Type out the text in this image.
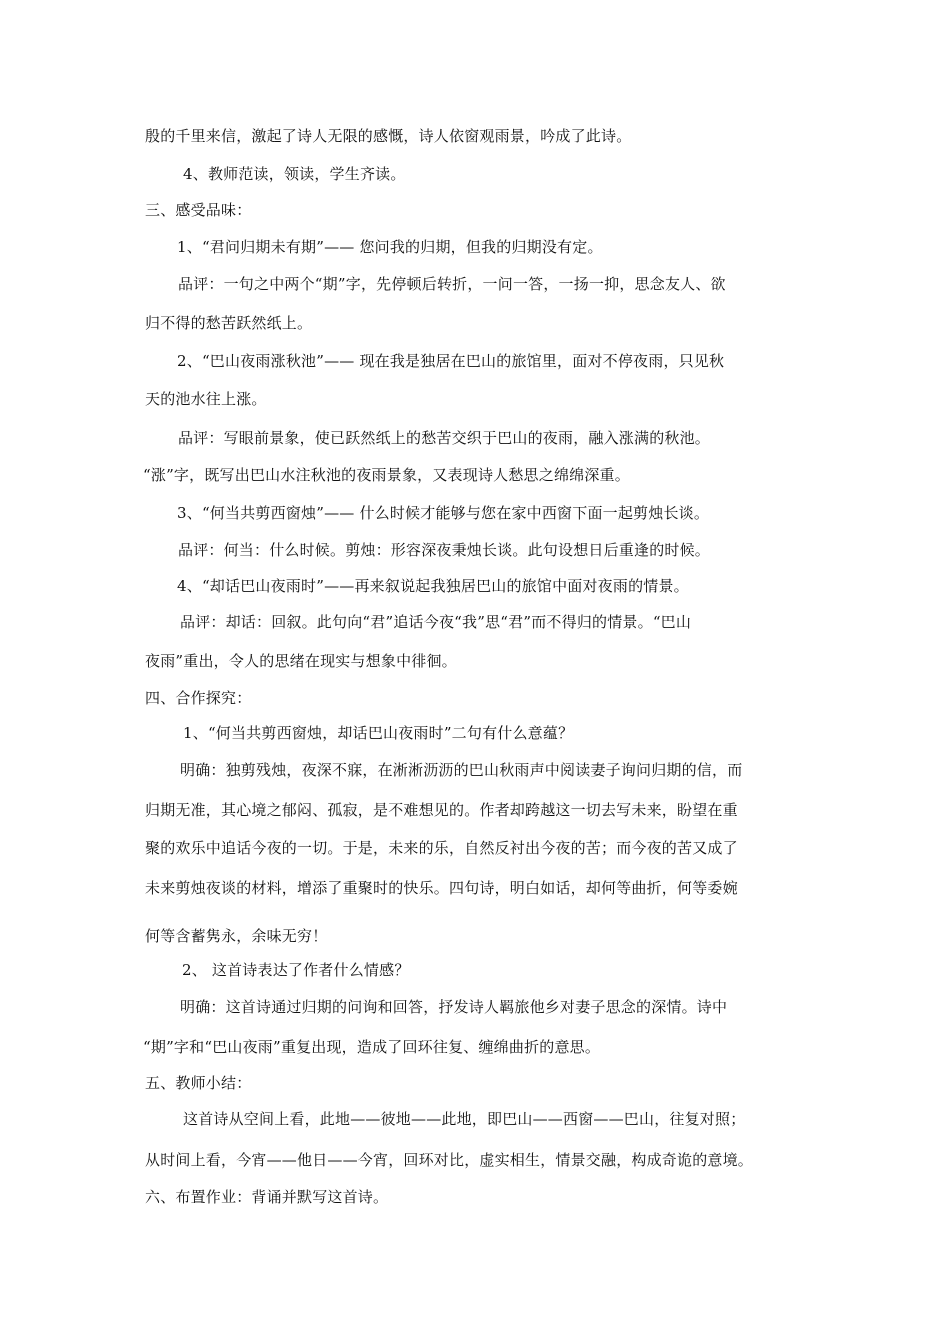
殷的千里来信，激起了诗人无限的感慨，诗人依窗观雨景，吟成了此诗。
4、教师范读，领读，学生齐读。
三、感受品味：
1、“君问归期未有期”—— 您问我的归期，但我的归期没有定。
品评：一句之中两个“期”字，先停顿后转折，一问一答，一扬一抑，思念友人、欲
归不得的愁苦跃然纸上。
2、“巴山夜雨涨秋池”—— 现在我是独居在巴山的旅馆里，面对不停夜雨，只见秋
天的池水往上涨。
品评：写眼前景象，使已跃然纸上的愁苦交织于巴山的夜雨，融入涨满的秋池。
“涨”字，既写出巴山水注秋池的夜雨景象，又表现诗人愁思之绵绵深重。
3、“何当共剪西窗烛”—— 什么时候才能够与您在家中西窗下面一起剪烛长谈。
品评：何当：什么时候。剪烛：形容深夜秉烛长谈。此句设想日后重逢的时候。
4、“却话巴山夜雨时”——再来叙说起我独居巴山的旅馆中面对夜雨的情景。
品评：却话：回叙。此句向“君”追话今夜“我”思“君”而不得归的情景。“巴山
夜雨”重出，令人的思绪在现实与想象中徘徊。
四、合作探究：
1、“何当共剪西窗烛，却话巴山夜雨时”二句有什么意蕴？
明确：独剪残烛，夜深不寐，在淅淅沥沥的巴山秋雨声中阅读妻子询问归期的信，而
归期无准，其心境之郁闷、孤寂，是不难想见的。作者却跨越这一切去写未来，盼望在重
聚的欢乐中追话今夜的一切。于是，未来的乐，自然反衬出今夜的苦；而今夜的苦又成了
未来剪烛夜谈的材料，增添了重聚时的快乐。四句诗，明白如话，却何等曲折，何等委婉
何等含蓄隽永，余味无穷！
2、 这首诗表达了作者什么情感？
明确：这首诗通过归期的问询和回答，抒发诗人羁旅他乡对妻子思念的深情。诗中
“期”字和“巴山夜雨”重复出现，造成了回环往复、缠绵曲折的意思。
五、教师小结：
这首诗从空间上看，此地——彼地——此地，即巴山——西窗——巴山，往复对照；
从时间上看，今宵——他日——今宵，回环对比，虚实相生，情景交融，构成奇诡的意境。
六、布置作业：背诵并默写这首诗。
